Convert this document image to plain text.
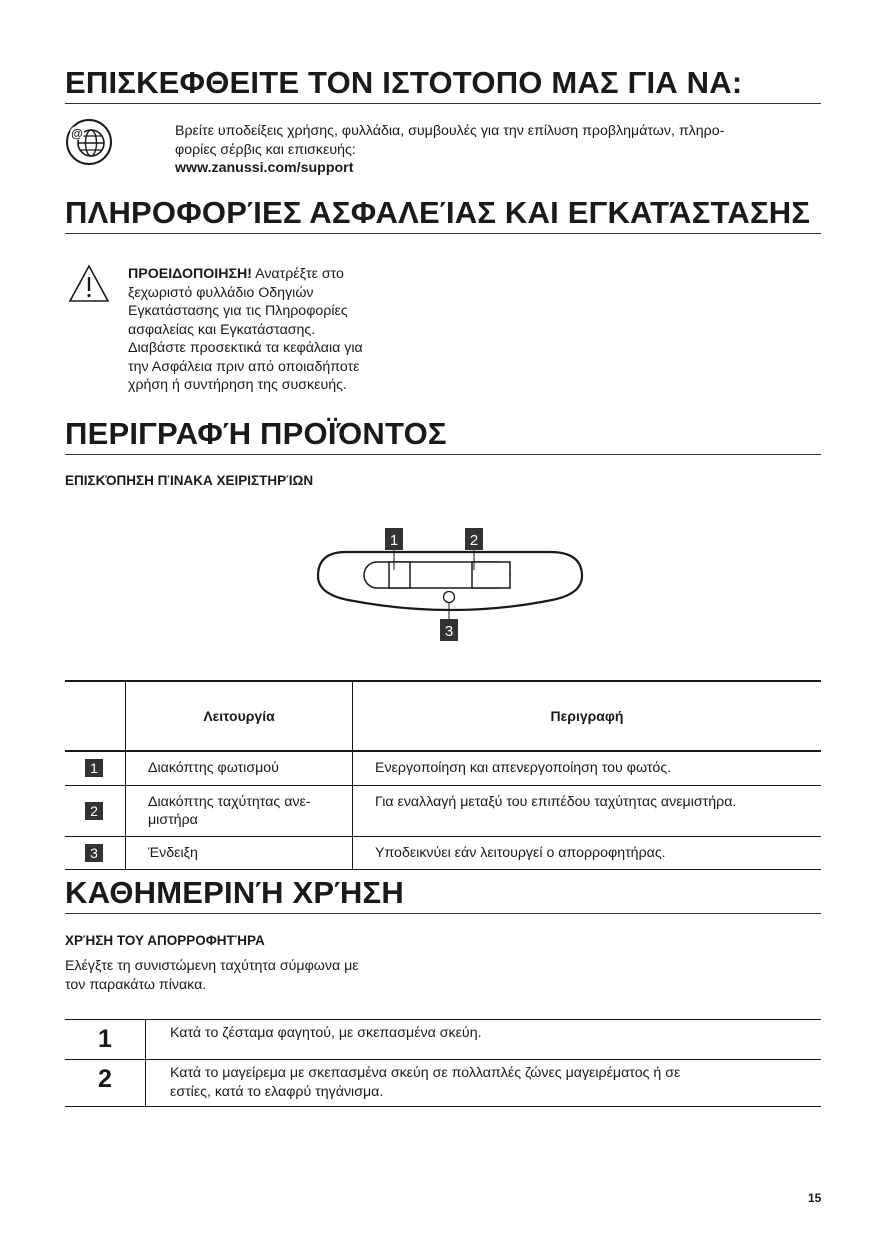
ΕΠΙΣΚΕΦΘΕΙΤΕ ΤΟΝ ΙΣΤΟΤΟΠΟ ΜΑΣ ΓΙΑ ΝΑ:
@	Βρείτε υποδείξεις χρήσης, φυλλάδια, συμβουλές για την επίλυση προβλημάτων, πληρο-
φορίες σέρβις και επισκευής:
www.zanussi.com/support
ΠΛΗΡΟΦΟΡΊΕΣ ΑΣΦΑΛΕΊΑΣ ΚΑΙ ΕΓΚΑΤΆΣΤΑΣΗΣ
ΠΡΟΕΙΔΟΠΟΙΗΣΗ! Ανατρέξτε στο
ξεχωριστό φυλλάδιο Οδηγιών
Εγκατάστασης για τις Πληροφορίες
ασφαλείας και Εγκατάστασης.
Διαβάστε προσεκτικά τα κεφάλαια για
την Ασφάλεια πριν από οποιαδήποτε
χρήση ή συντήρηση της συσκευής.
ΠΕΡΙΓΡΑΦΉ ΠΡΟΪΌΝΤΟΣ
ΕΠΙΣΚΌΠΗΣΗ ΠΊΝΑΚΑ ΧΕΙΡΙΣΤΗΡΊΩΝ
1	2
3
	Λειτουργία	Περιγραφή
1	Διακόπτης φωτισμού	Ενεργοποίηση και απενεργοποίηση του φωτός.
2	Διακόπτης ταχύτητας ανε-
μιστήρα	Για εναλλαγή μεταξύ του επιπέδου ταχύτητας ανεμιστήρα.
3	Ένδειξη	Υποδεικνύει εάν λειτουργεί ο απορροφητήρας.
ΚΑΘΗΜΕΡΙΝΉ ΧΡΉΣΗ
ΧΡΉΣΗ ΤΟΥ ΑΠΟΡΡΟΦΗΤΉΡΑ
Ελέγξτε τη συνιστώμενη ταχύτητα σύμφωνα με
τον παρακάτω πίνακα.
1	Κατά το ζέσταμα φαγητού, με σκεπασμένα σκεύη.
2	Κατά το μαγείρεμα με σκεπασμένα σκεύη σε πολλαπλές ζώνες μαγειρέματος ή σε
εστίες, κατά το ελαφρύ τηγάνισμα.
15
